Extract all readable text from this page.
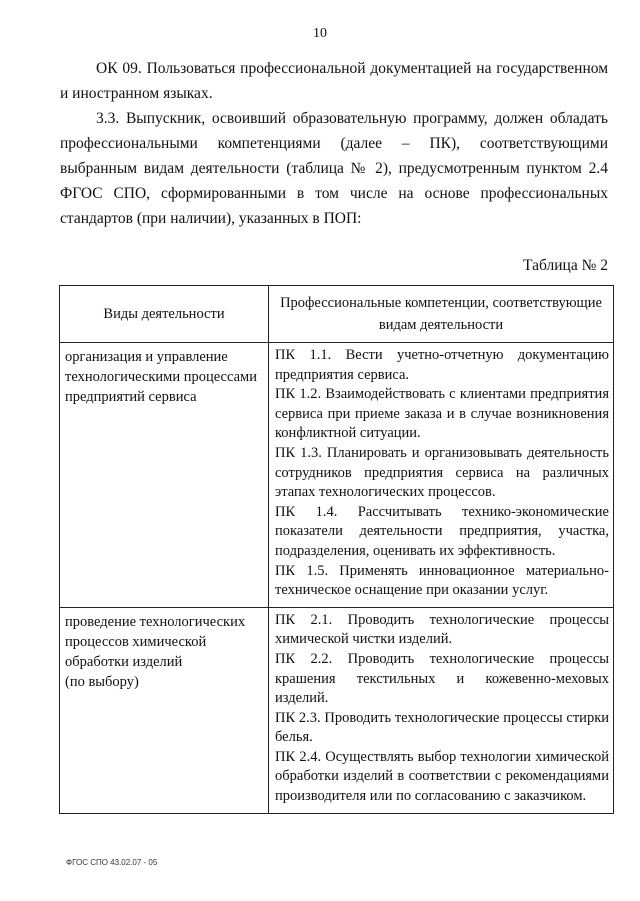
10
ОК 09. Пользоваться профессиональной документацией на государственном и иностранном языках.
3.3. Выпускник, освоивший образовательную программу, должен обладать профессиональными компетенциями (далее – ПК), соответствующими выбранным видам деятельности (таблица № 2), предусмотренным пунктом 2.4 ФГОС СПО, сформированными в том числе на основе профессиональных стандартов (при наличии), указанных в ПОП:
Таблица № 2
Виды деятельности	Профессиональные компетенции, соответствующие видам деятельности
организация и управление технологическими процессами предприятий сервиса	ПК 1.1. Вести учетно-отчетную документацию предприятия сервиса.
ПК 1.2. Взаимодействовать с клиентами предприятия сервиса при приеме заказа и в случае возникновения конфликтной ситуации.
ПК 1.3. Планировать и организовывать деятельность сотрудников предприятия сервиса на различных этапах технологических процессов.
ПК 1.4. Рассчитывать технико-экономические показатели деятельности предприятия, участка, подразделения, оценивать их эффективность.
ПК 1.5. Применять инновационное материально-техническое оснащение при оказании услуг.

проведение технологических процессов химической обработки изделий
(по выбору)	ПК 2.1. Проводить технологические процессы химической чистки изделий.
ПК 2.2. Проводить технологические процессы крашения текстильных и кожевенно-меховых изделий.
ПК 2.3. Проводить технологические процессы стирки белья.
ПК 2.4. Осуществлять выбор технологии химической обработки изделий в соответствии с рекомендациями производителя или по согласованию с заказчиком.
ФГОС СПО 43.02.07 - 05
